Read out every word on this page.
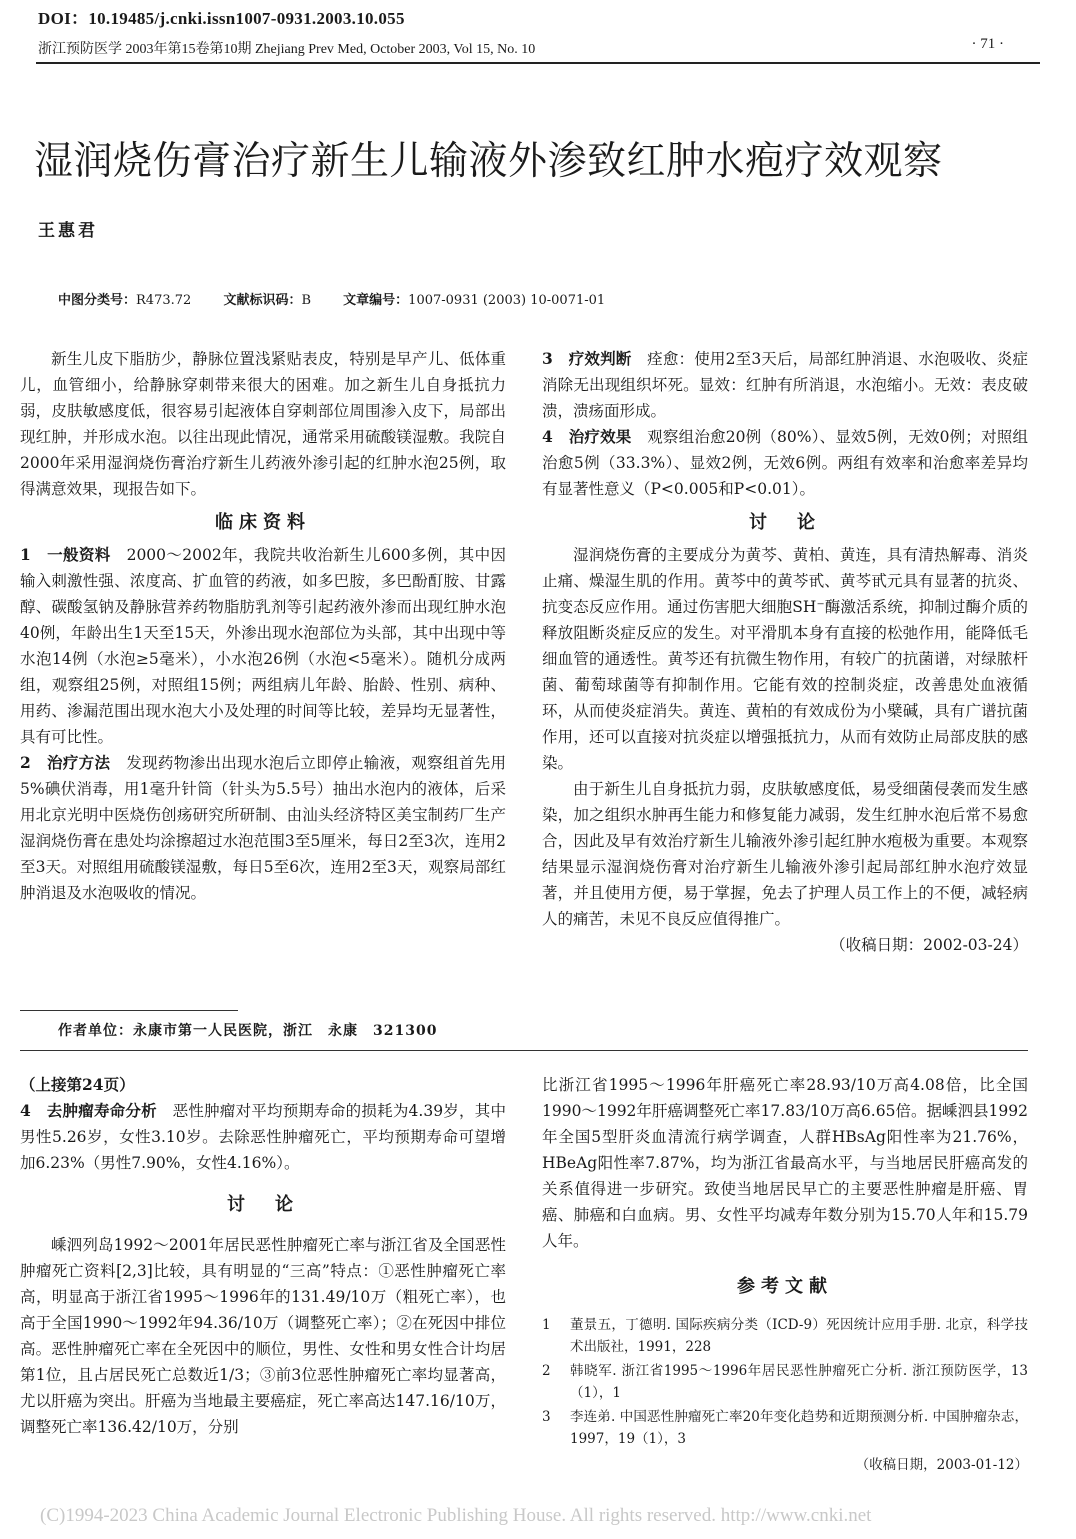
DOI：10.19485/j.cnki.issn1007-0931.2003.10.055
浙江预防医学 2003年第15卷第10期 Zhejiang Prev Med, October 2003, Vol 15, No. 10	· 71 ·
湿润烧伤膏治疗新生儿输液外渗致红肿水疱疗效观察
王惠君
中图分类号：R473.72 文献标识码：B 文章编号：1007-0931 (2003) 10-0071-01

新生儿皮下脂肪少，静脉位置浅紧贴表皮，特别是早产儿、低体重儿，血管细小，给静脉穿刺带来很大的困难。加之新生儿自身抵抗力弱，皮肤敏感度低，很容易引起液体自穿刺部位周围渗入皮下，局部出现红肿，并形成水泡。以往出现此情况，通常采用硫酸镁湿敷。我院自2000年采用湿润烧伤膏治疗新生儿药液外渗引起的红肿水泡25例，取得满意效果，现报告如下。

临床资料

1　 一般资料　 2000～2002年，我院共收治新生儿600多例，其中因输入刺激性强、浓度高、扩血管的药液，如多巴胺，多巴酚酊胺、甘露醇、碳酸氢钠及静脉营养药物脂肪乳剂等引起药液外渗而出现红肿水泡40例，年龄出生1天至15天，外渗出现水泡部位为头部，其中出现中等水泡14例（水泡≥5毫米），小水泡26例（水泡<5毫米）。随机分成两组，观察组25例，对照组15例；两组病儿年龄、胎龄、性别、病种、用药、渗漏范围出现水泡大小及处理的时间等比较，差异均无显著性，具有可比性。

2　 治疗方法　 发现药物渗出出现水泡后立即停止输液，观察组首先用5%碘伏消毒，用1毫升针筒（针头为5.5号）抽出水泡内的液体，后采用北京光明中医烧伤创疡研究所研制、由汕头经济特区美宝制药厂生产湿润烧伤膏在患处均涂擦超过水泡范围3至5厘米，每日2至3次，连用2至3天。对照组用硫酸镁湿敷，每日5至6次，连用2至3天，观察局部红肿消退及水泡吸收的情况。

3　 疗效判断　 痊愈：使用2至3天后，局部红肿消退、水泡吸收、炎症消除无出现组织坏死。显效：红肿有所消退，水泡缩小。无效：表皮破溃，溃疡面形成。

4　 治疗效果　 观察组治愈20例（80%）、显效5例，无效0例；对照组治愈5例（33.3%）、显效2例，无效6例。两组有效率和治愈率差异均有显著性意义（P<0.005和P<0.01）。

讨　论

湿润烧伤膏的主要成分为黄芩、黄柏、黄连，具有清热解毒、消炎止痛、燥湿生肌的作用。黄芩中的黄芩甙、黄芩甙元具有显著的抗炎、抗变态反应作用。通过伤害肥大细胞SH⁻酶激活系统，抑制过酶介质的释放阻断炎症反应的发生。对平滑肌本身有直接的松弛作用，能降低毛细血管的通透性。黄芩还有抗微生物作用，有较广的抗菌谱，对绿脓杆菌、葡萄球菌等有抑制作用。它能有效的控制炎症，改善患处血液循环，从而使炎症消失。黄连、黄柏的有效成份为小檗碱，具有广谱抗菌作用，还可以直接对抗炎症以增强抵抗力，从而有效防止局部皮肤的感染。

由于新生儿自身抵抗力弱，皮肤敏感度低，易受细菌侵袭而发生感染，加之组织水肿再生能力和修复能力减弱，发生红肿水泡后常不易愈合，因此及早有效治疗新生儿输液外渗引起红肿水疱极为重要。本观察结果显示湿润烧伤膏对治疗新生儿输液外渗引起局部红肿水泡疗效显著，并且使用方便，易于掌握，免去了护理人员工作上的不便，减轻病人的痛苦，未见不良反应值得推广。

（收稿日期：2002-03-24）

作者单位：永康市第一人民医院，浙江　永康　321300

（上接第24页）

4　 去肿瘤寿命分析　 恶性肿瘤对平均预期寿命的损耗为4.39岁，其中男性5.26岁，女性3.10岁。去除恶性肿瘤死亡，平均预期寿命可望增加6.23%（男性7.90%，女性4.16%）。

讨　论

嵊泗列岛1992～2001年居民恶性肿瘤死亡率与浙江省及全国恶性肿瘤死亡资料[2,3]比较，具有明显的“三高”特点：①恶性肿瘤死亡率高，明显高于浙江省1995～1996年的131.49/10万（粗死亡率），也高于全国1990～1992年94.36/10万（调整死亡率）；②在死因中排位高。恶性肿瘤死亡率在全死因中的顺位，男性、女性和男女性合计均居第1位，且占居民死亡总数近1/3；③前3位恶性肿瘤死亡率均显著高，尤以肝癌为突出。肝癌为当地最主要癌症，死亡率高达147.16/10万，调整死亡率136.42/10万，分别

比浙江省1995～1996年肝癌死亡率28.93/10万高4.08倍，比全国1990～1992年肝癌调整死亡率17.83/10万高6.65倍。据嵊泗县1992年全国5型肝炎血清流行病学调查，人群HBsAg阳性率为21.76%，HBeAg阳性率7.87%，均为浙江省最高水平，与当地居民肝癌高发的关系值得进一步研究。致使当地居民早亡的主要恶性肿瘤是肝癌、胃癌、肺癌和白血病。男、女性平均减寿年数分别为15.70人年和15.79人年。

参考文献
1	董景五，丁德明. 国际疾病分类（ICD-9）死因统计应用手册. 北京，科学技术出版社，1991，228
2	韩晓军. 浙江省1995～1996年居民恶性肿瘤死亡分析. 浙江预防医学，13（1），1
3	李连弟. 中国恶性肿瘤死亡率20年变化趋势和近期预测分析. 中国肿瘤杂志，1997，19（1），3

（收稿日期，2003-01-12）

(C)1994-2023 China Academic Journal Electronic Publishing House. All rights reserved. http://www.cnki.net
